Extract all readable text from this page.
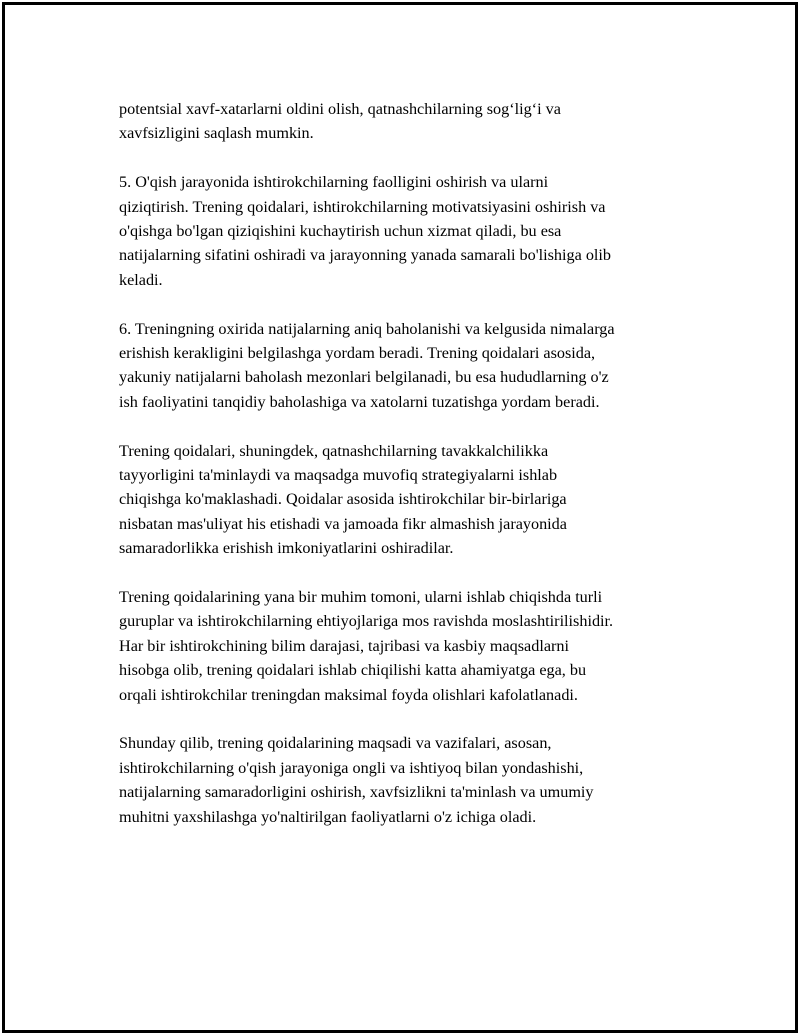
potentsial xavf-xatarlarni oldini olish, qatnashchilarning sog‘lig‘i va
xavfsizligini saqlash mumkin.

5. O'qish jarayonida ishtirokchilarning faolligini oshirish va ularni
qiziqtirish. Trening qoidalari, ishtirokchilarning motivatsiyasini oshirish va
o'qishga bo'lgan qiziqishini kuchaytirish uchun xizmat qiladi, bu esa
natijalarning sifatini oshiradi va jarayonning yanada samarali bo'lishiga olib
keladi.

6. Treningning oxirida natijalarning aniq baholanishi va kelgusida nimalarga
erishish kerakligini belgilashga yordam beradi. Trening qoidalari asosida,
yakuniy natijalarni baholash mezonlari belgilanadi, bu esa hududlarning o'z
ish faoliyatini tanqidiy baholashiga va xatolarni tuzatishga yordam beradi.

Trening qoidalari, shuningdek, qatnashchilarning tavakkalchilikka
tayyorligini ta'minlaydi va maqsadga muvofiq strategiyalarni ishlab
chiqishga ko'maklashadi. Qoidalar asosida ishtirokchilar bir-birlariga
nisbatan mas'uliyat his etishadi va jamoada fikr almashish jarayonida
samaradorlikka erishish imkoniyatlarini oshiradilar.

Trening qoidalarining yana bir muhim tomoni, ularni ishlab chiqishda turli
guruplar va ishtirokchilarning ehtiyojlariga mos ravishda moslashtirilishidir.
Har bir ishtirokchining bilim darajasi, tajribasi va kasbiy maqsadlarni
hisobga olib, trening qoidalari ishlab chiqilishi katta ahamiyatga ega, bu
orqali ishtirokchilar treningdan maksimal foyda olishlari kafolatlanadi.

Shunday qilib, trening qoidalarining maqsadi va vazifalari, asosan,
ishtirokchilarning o'qish jarayoniga ongli va ishtiyoq bilan yondashishi,
natijalarning samaradorligini oshirish, xavfsizlikni ta'minlash va umumiy
muhitni yaxshilashga yo'naltirilgan faoliyatlarni o'z ichiga oladi.
